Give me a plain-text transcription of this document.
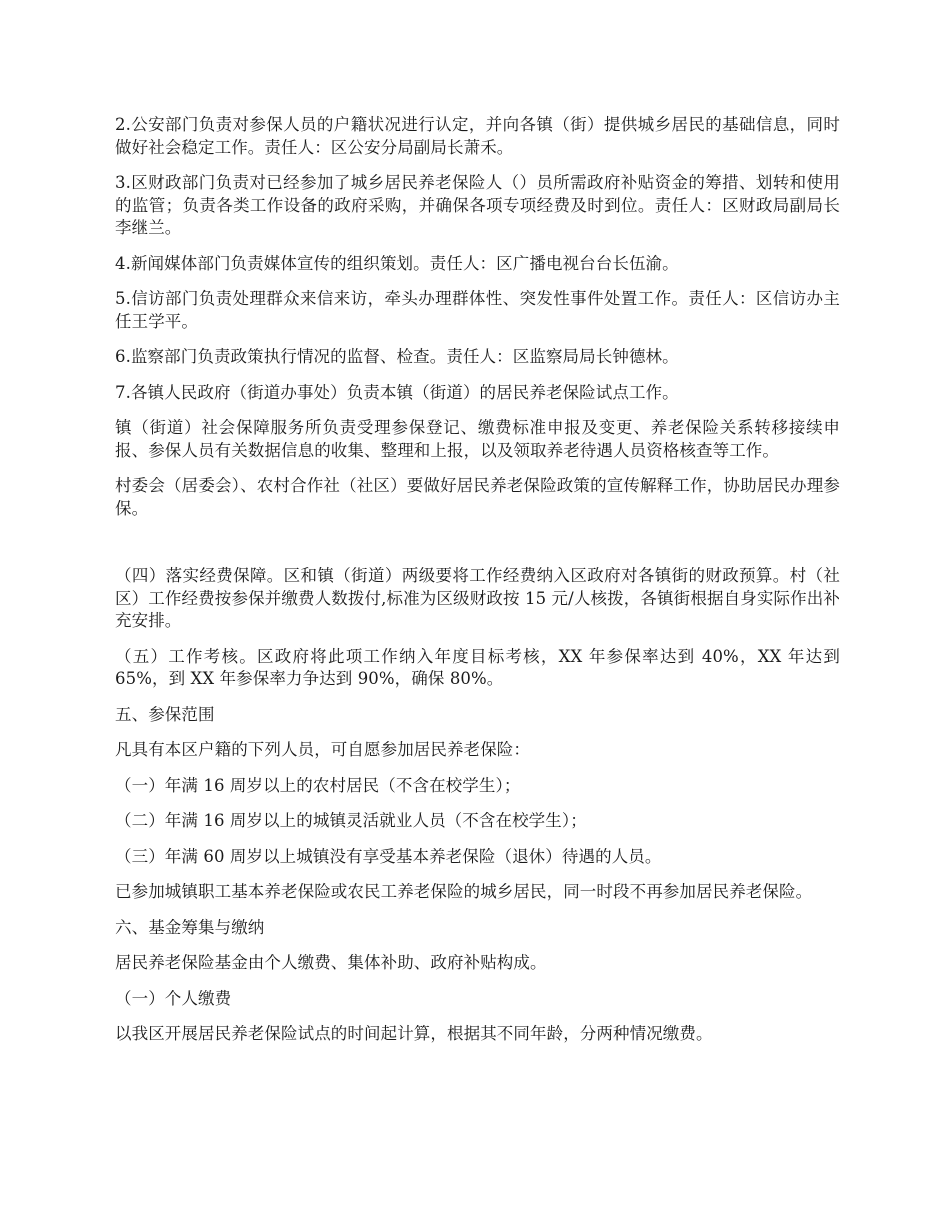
2.公安部门负责对参保人员的户籍状况进行认定，并向各镇（街）提供城乡居民的基础信息，同时做好社会稳定工作。责任人：区公安分局副局长萧禾。

3.区财政部门负责对已经参加了城乡居民养老保险人（）员所需政府补贴资金的筹措、划转和使用的监管；负责各类工作设备的政府采购，并确保各项专项经费及时到位。责任人：区财政局副局长李继兰。

4.新闻媒体部门负责媒体宣传的组织策划。责任人：区广播电视台台长伍渝。

5.信访部门负责处理群众来信来访，牵头办理群体性、突发性事件处置工作。责任人：区信访办主任王学平。

6.监察部门负责政策执行情况的监督、检查。责任人：区监察局局长钟德林。

7.各镇人民政府（街道办事处）负责本镇（街道）的居民养老保险试点工作。

镇（街道）社会保障服务所负责受理参保登记、缴费标准申报及变更、养老保险关系转移接续申报、参保人员有关数据信息的收集、整理和上报，以及领取养老待遇人员资格核查等工作。

村委会（居委会）、农村合作社（社区）要做好居民养老保险政策的宣传解释工作，协助居民办理参保。

（四）落实经费保障。区和镇（街道）两级要将工作经费纳入区政府对各镇街的财政预算。村（社区）工作经费按参保并缴费人数拨付,标准为区级财政按 15 元/人核拨，各镇街根据自身实际作出补充安排。

（五）工作考核。区政府将此项工作纳入年度目标考核，XX 年参保率达到 40%，XX 年达到 65%，到 XX 年参保率力争达到 90%，确保 80%。

五、参保范围

凡具有本区户籍的下列人员，可自愿参加居民养老保险：

（一）年满 16 周岁以上的农村居民（不含在校学生）；

（二）年满 16 周岁以上的城镇灵活就业人员（不含在校学生）；

（三）年满 60 周岁以上城镇没有享受基本养老保险（退休）待遇的人员。

已参加城镇职工基本养老保险或农民工养老保险的城乡居民，同一时段不再参加居民养老保险。

六、基金筹集与缴纳

居民养老保险基金由个人缴费、集体补助、政府补贴构成。

（一）个人缴费

以我区开展居民养老保险试点的时间起计算，根据其不同年龄，分两种情况缴费。
